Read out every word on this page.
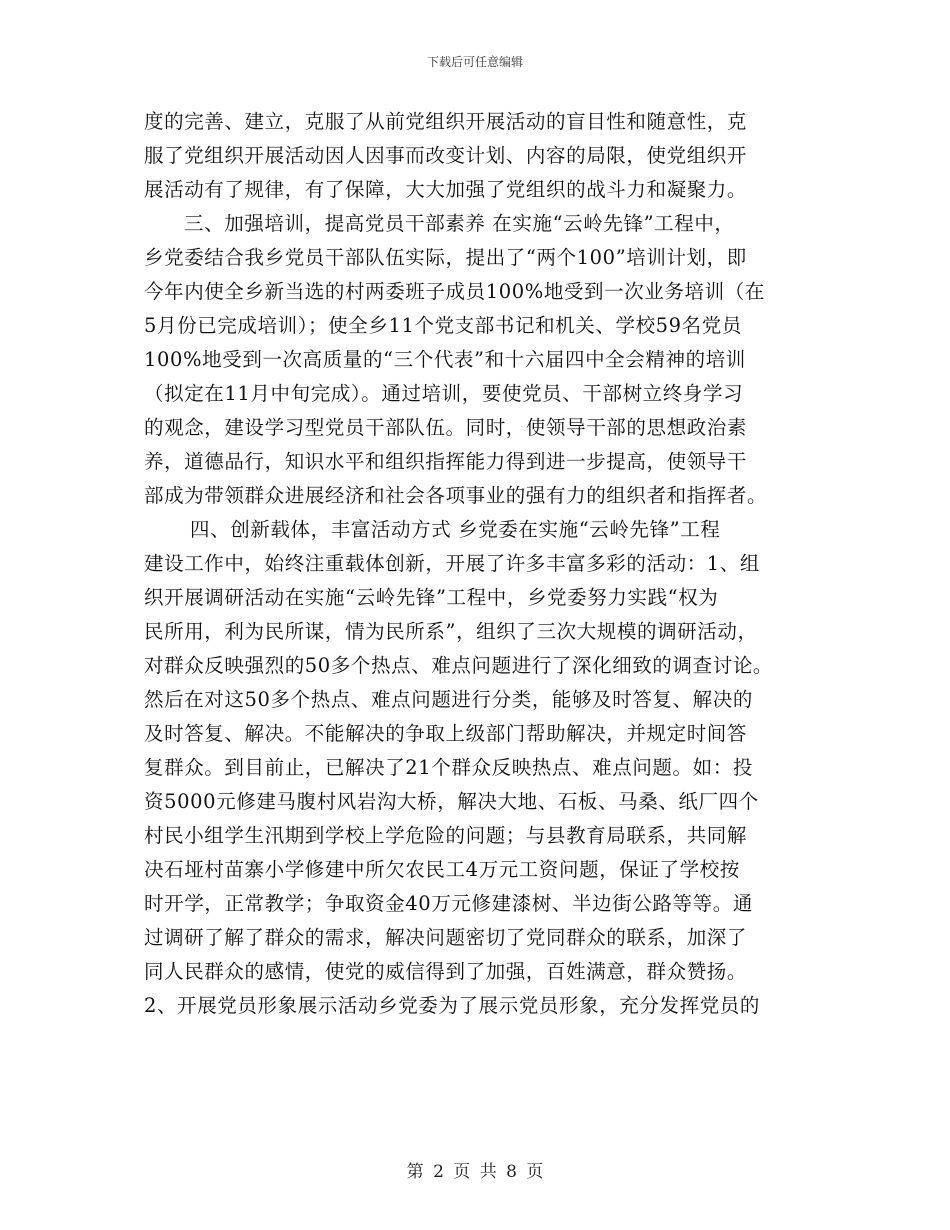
下载后可任意编辑
度的完善、建立，克服了从前党组织开展活动的盲目性和随意性，克
服了党组织开展活动因人因事而改变计划、内容的局限，使党组织开
展活动有了规律，有了保障，大大加强了党组织的战斗力和凝聚力。
三、加强培训，提高党员干部素养 在实施“云岭先锋”工程中，
乡党委结合我乡党员干部队伍实际，提出了“两个100”培训计划，即
今年内使全乡新当选的村两委班子成员100%地受到一次业务培训（在
5月份已完成培训）；使全乡11个党支部书记和机关、学校59名党员
100%地受到一次高质量的“三个代表”和十六届四中全会精神的培训
（拟定在11月中旬完成）。通过培训，要使党员、干部树立终身学习
的观念，建设学习型党员干部队伍。同时，使领导干部的思想政治素
养，道德品行，知识水平和组织指挥能力得到进一步提高，使领导干
部成为带领群众进展经济和社会各项事业的强有力的组织者和指挥者。
四、创新载体，丰富活动方式 乡党委在实施“云岭先锋”工程
建设工作中，始终注重载体创新，开展了许多丰富多彩的活动：1、组
织开展调研活动在实施“云岭先锋”工程中，乡党委努力实践“权为
民所用，利为民所谋，情为民所系”，组织了三次大规模的调研活动，
对群众反映强烈的50多个热点、难点问题进行了深化细致的调查讨论。
然后在对这50多个热点、难点问题进行分类，能够及时答复、解决的
及时答复、解决。不能解决的争取上级部门帮助解决，并规定时间答
复群众。到目前止，已解决了21个群众反映热点、难点问题。如：投
资5000元修建马腹村风岩沟大桥，解决大地、石板、马桑、纸厂四个
村民小组学生汛期到学校上学危险的问题；与县教育局联系，共同解
决石垭村苗寨小学修建中所欠农民工4万元工资问题，保证了学校按
时开学，正常教学；争取资金40万元修建漆树、半边街公路等等。通
过调研了解了群众的需求，解决问题密切了党同群众的联系，加深了
同人民群众的感情，使党的威信得到了加强，百姓满意，群众赞扬。
2、开展党员形象展示活动乡党委为了展示党员形象，充分发挥党员的
第 2 页 共 8 页
